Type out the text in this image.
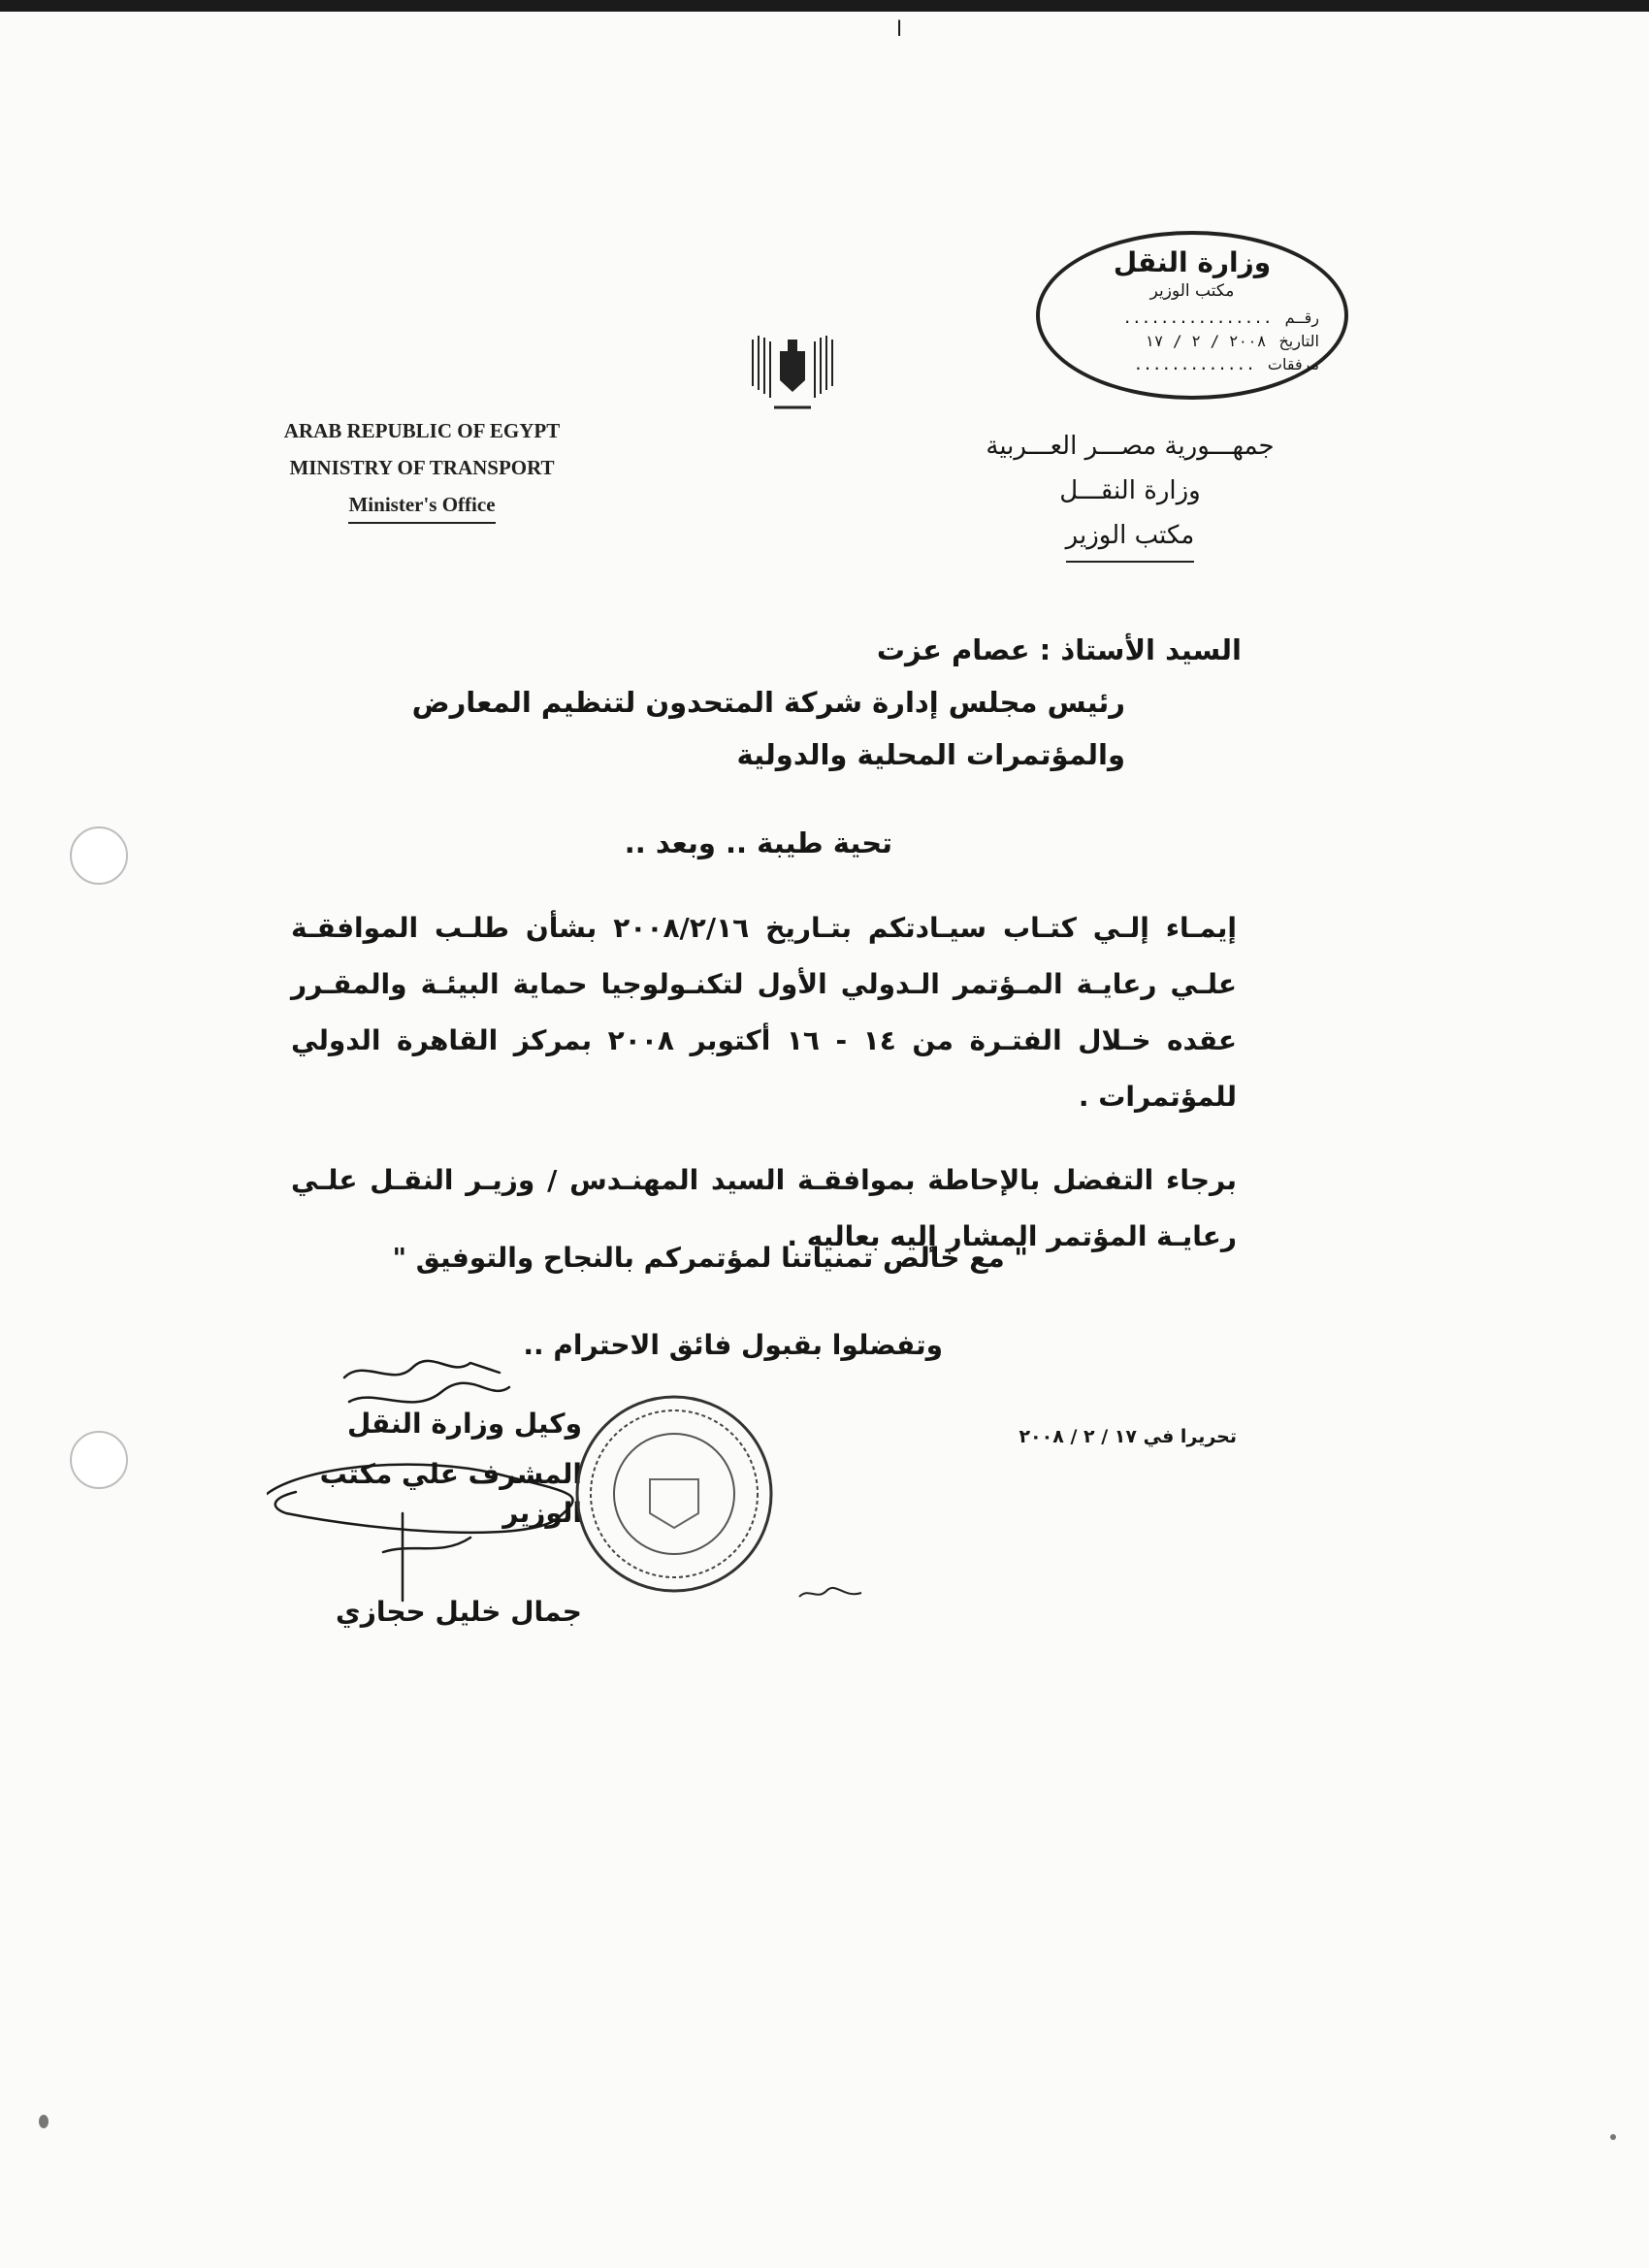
ا
ARAB REPUBLIC OF EGYPT
MINISTRY OF TRANSPORT
Minister's Office
جمهـــورية مصـــر العـــربية
وزارة النقـــل
مكتب الوزير
وزارة النقل
مكتب الوزير
رقــم ................
التاريخ ٢٠٠٨ / ٢ / ١٧
مرفقات .............
السيد الأستاذ : عصام عزت
رئيس مجلس إدارة شركة المتحدون لتنظيم المعارض
والمؤتمرات المحلية والدولية
تحية طيبة .. وبعد ..

إيمـاء إلـي كتـاب سيـادتكم بتـاريخ ٢٠٠٨/٢/١٦ بشأن طلـب الموافقـة علـي رعايـة المـؤتمر الـدولي الأول لتكنـولوجيا حماية البيئـة والمقـرر عقده خـلال الفتـرة من ١٤ - ١٦ أكتوبر ٢٠٠٨ بمركز القاهرة الدولي للمؤتمرات .

برجاء التفضل بالإحاطة بموافقـة السيد المهنـدس / وزيـر النقـل علـي رعايـة المؤتمر المشار إليه بعاليه .

" مع خالص تمنياتنا لمؤتمركم بالنجاح والتوفيق "
وتفضلوا بقبول فائق الاحترام ..
وكيل وزارة النقل
المشرف علي مكتب الوزير
جمال خليل حجازي
تحريرا في ١٧ / ٢ / ٢٠٠٨
